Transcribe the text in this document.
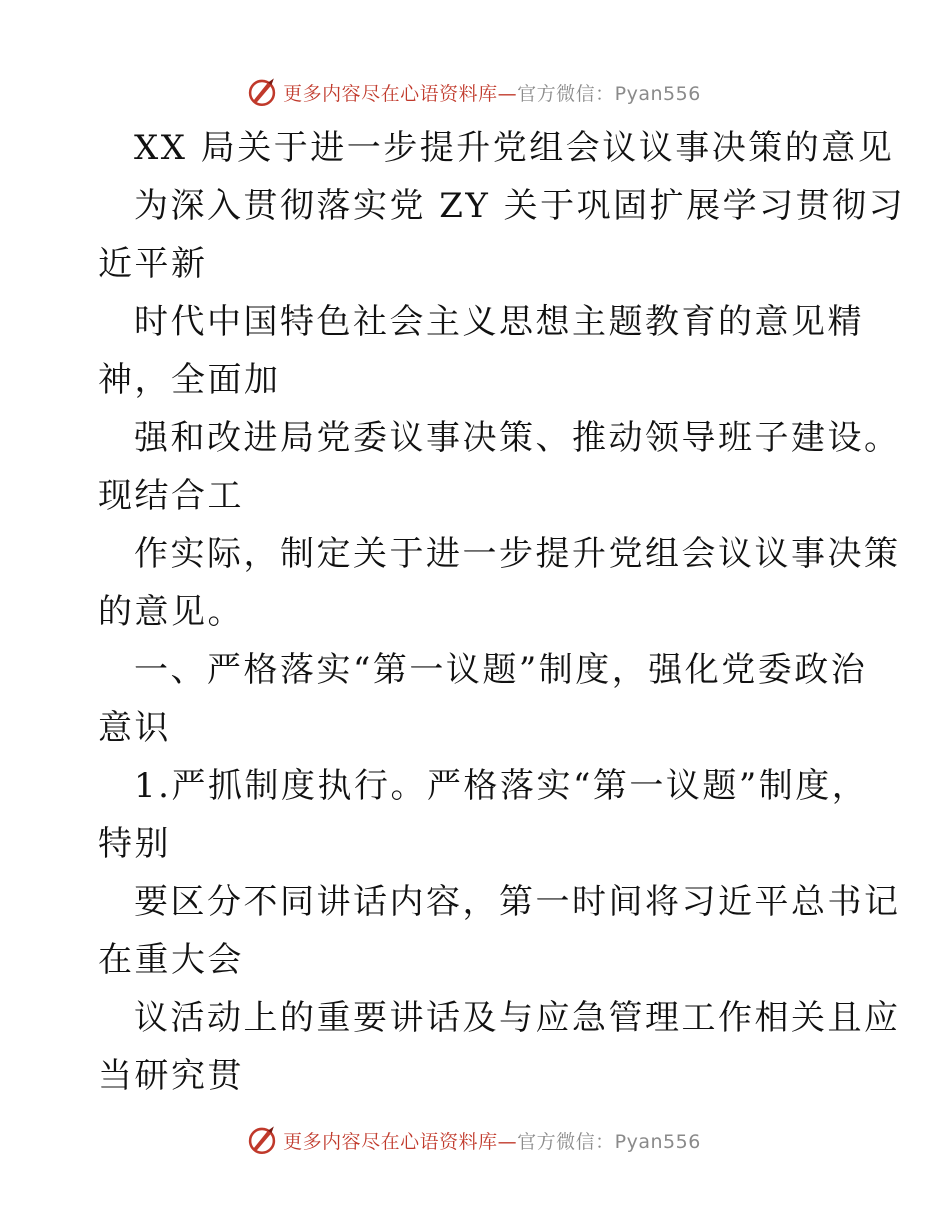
更多内容尽在心语资料库—官方微信：Pyan556
XX 局关于进一步提升党组会议议事决策的意见
为深入贯彻落实党 ZY 关于巩固扩展学习贯彻习
近平新
时代中国特色社会主义思想主题教育的意见精
神，全面加
强和改进局党委议事决策、推动领导班子建设。
现结合工
作实际，制定关于进一步提升党组会议议事决策
的意见。
一、严格落实“第一议题”制度，强化党委政治
意识
1.严抓制度执行。严格落实“第一议题”制度，
特别
要区分不同讲话内容，第一时间将习近平总书记
在重大会
议活动上的重要讲话及与应急管理工作相关且应
当研究贯
更多内容尽在心语资料库—官方微信：Pyan556
